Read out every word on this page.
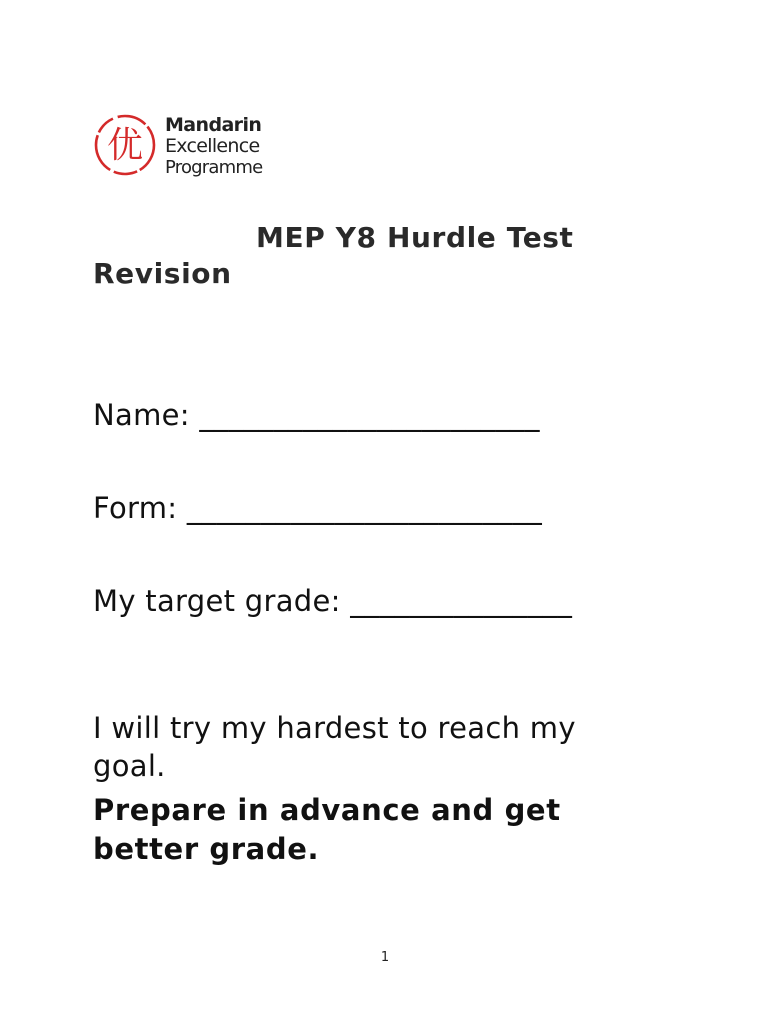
优 Mandarin
Excellence
Programme
MEP Y8 Hurdle Test Revision
Name: _______________________
Form: ________________________
My target grade: _______________
I will try my hardest to reach my goal.
Prepare in advance and get better grade.
1
